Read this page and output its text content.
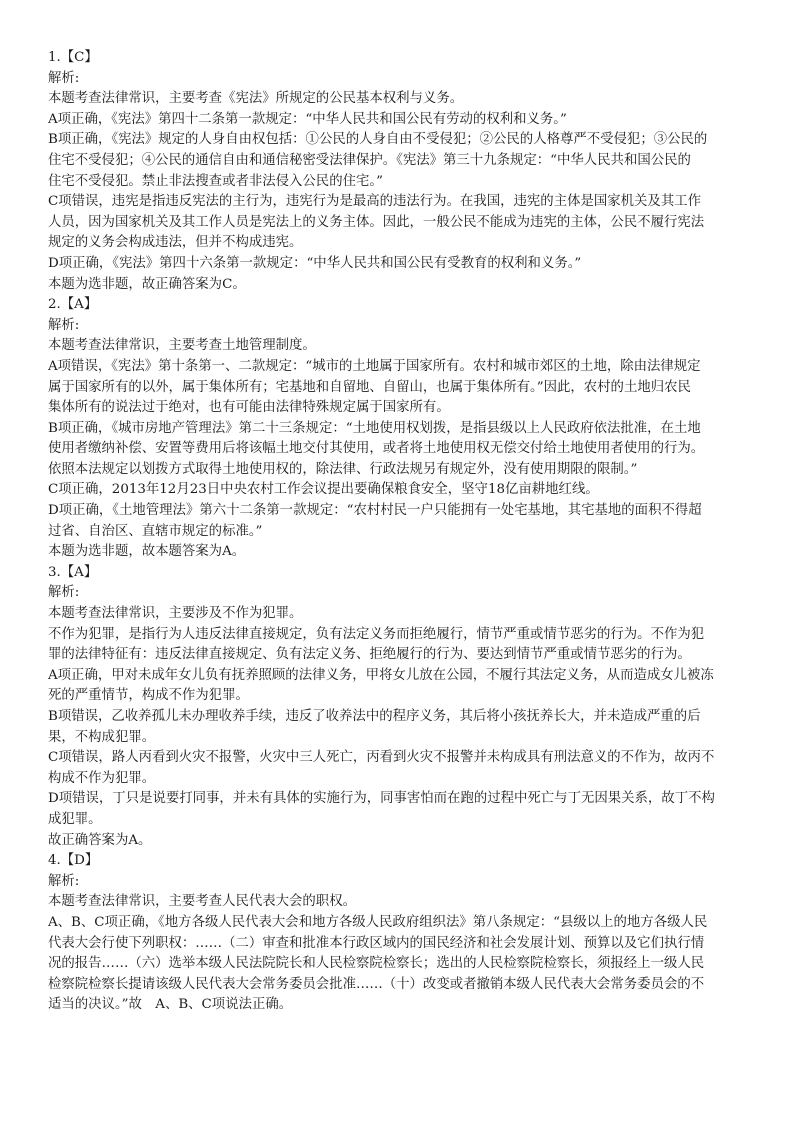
1.【C】

解析:

本题考查法律常识，主要考查《宪法》所规定的公民基本权利与义务。

A项正确，《宪法》第四十二条第一款规定：“中华人民共和国公民有劳动的权利和义务。”

B项正确，《宪法》规定的人身自由权包括：①公民的人身自由不受侵犯；②公民的人格尊严不受侵犯；③公民的

住宅不受侵犯；④公民的通信自由和通信秘密受法律保护。《宪法》第三十九条规定：“中华人民共和国公民的

住宅不受侵犯。禁止非法搜查或者非法侵入公民的住宅。”

C项错误，违宪是指违反宪法的主行为，违宪行为是最高的违法行为。在我国，违宪的主体是国家机关及其工作

人员，因为国家机关及其工作人员是宪法上的义务主体。因此，一般公民不能成为违宪的主体，公民不履行宪法

规定的义务会构成违法，但并不构成违宪。

D项正确，《宪法》第四十六条第一款规定：“中华人民共和国公民有受教育的权利和义务。”

本题为选非题，故正确答案为C。

2.【A】

解析:

本题考查法律常识，主要考查土地管理制度。

A项错误，《宪法》第十条第一、二款规定：“城市的土地属于国家所有。农村和城市郊区的土地，除由法律规定

属于国家所有的以外，属于集体所有；宅基地和自留地、自留山，也属于集体所有。”因此，农村的土地归农民

集体所有的说法过于绝对，也有可能由法律特殊规定属于国家所有。

B项正确，《城市房地产管理法》第二十三条规定：“土地使用权划拨，是指县级以上人民政府依法批准，在土地

使用者缴纳补偿、安置等费用后将该幅土地交付其使用，或者将土地使用权无偿交付给土地使用者使用的行为。

依照本法规定以划拨方式取得土地使用权的，除法律、行政法规另有规定外，没有使用期限的限制。”

C项正确，2013年12月23日中央农村工作会议提出要确保粮食安全，坚守18亿亩耕地红线。

D项正确，《土地管理法》第六十二条第一款规定：“农村村民一户只能拥有一处宅基地，其宅基地的面积不得超

过省、自治区、直辖市规定的标准。”

本题为选非题，故本题答案为A。

3.【A】

解析:

本题考查法律常识，主要涉及不作为犯罪。

不作为犯罪，是指行为人违反法律直接规定，负有法定义务而拒绝履行，情节严重或情节恶劣的行为。不作为犯

罪的法律特征有：违反法律直接规定、负有法定义务、拒绝履行的行为、要达到情节严重或情节恶劣的行为。

A项正确，甲对未成年女儿负有抚养照顾的法律义务，甲将女儿放在公园，不履行其法定义务，从而造成女儿被冻

死的严重情节，构成不作为犯罪。

B项错误，乙收养孤儿未办理收养手续，违反了收养法中的程序义务，其后将小孩抚养长大，并未造成严重的后

果，不构成犯罪。

C项错误，路人丙看到火灾不报警，火灾中三人死亡，丙看到火灾不报警并未构成具有刑法意义的不作为，故丙不

构成不作为犯罪。

D项错误，丁只是说要打同事，并未有具体的实施行为，同事害怕而在跑的过程中死亡与丁无因果关系，故丁不构

成犯罪。

故正确答案为A。

4.【D】

解析:

本题考查法律常识，主要考查人民代表大会的职权。

A、B、C项正确，《地方各级人民代表大会和地方各级人民政府组织法》第八条规定：“县级以上的地方各级人民

代表大会行使下列职权：……（二）审查和批准本行政区域内的国民经济和社会发展计划、预算以及它们执行情

况的报告……（六）选举本级人民法院院长和人民检察院检察长；选出的人民检察院检察长，须报经上一级人民

检察院检察长提请该级人民代表大会常务委员会批准……（十）改变或者撤销本级人民代表大会常务委员会的不

适当的决议。”故　A、B、C项说法正确。
